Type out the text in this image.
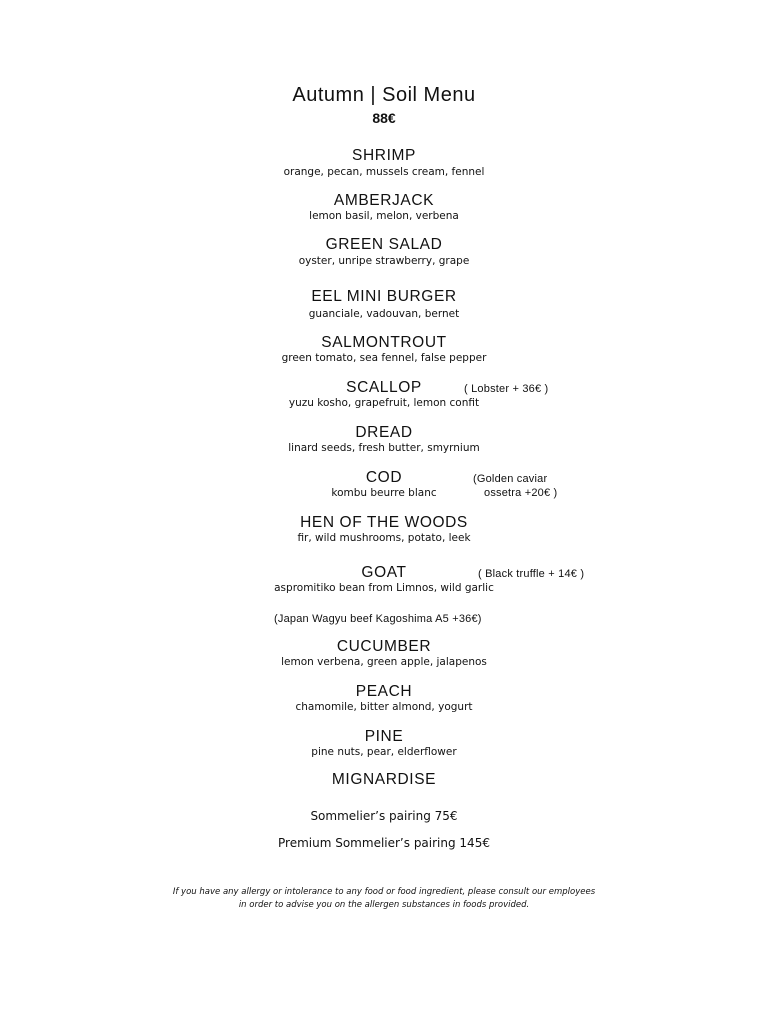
Autumn | Soil Menu
88€
SHRIMP
orange, pecan, mussels cream, fennel
AMBERJACK
lemon basil, melon, verbena
GREEN SALAD
oyster, unripe strawberry, grape
EEL MINI BURGER
guanciale, vadouvan, bernet
SALMONTROUT
green tomato, sea fennel, false pepper
SCALLOP	( Lobster + 36€ )
yuzu kosho, grapefruit, lemon confit
DREAD
linard seeds, fresh butter, smyrnium
COD	(Golden caviar
kombu beurre blanc	ossetra +20€ )
HEN OF THE WOODS
fir, wild mushrooms, potato, leek
GOAT	( Black truffle + 14€ )
aspromitiko bean from Limnos, wild garlic
(Japan Wagyu beef Kagoshima A5 +36€)
CUCUMBER
lemon verbena, green apple, jalapenos
PEACH
chamomile, bitter almond, yogurt
PINE
pine nuts, pear, elderflower
MIGNARDISE
Sommelier’s pairing 75€
Premium Sommelier’s pairing 145€
If you have any allergy or intolerance to any food or food ingredient, please consult our employees
in order to advise you on the allergen substances in foods provided.
